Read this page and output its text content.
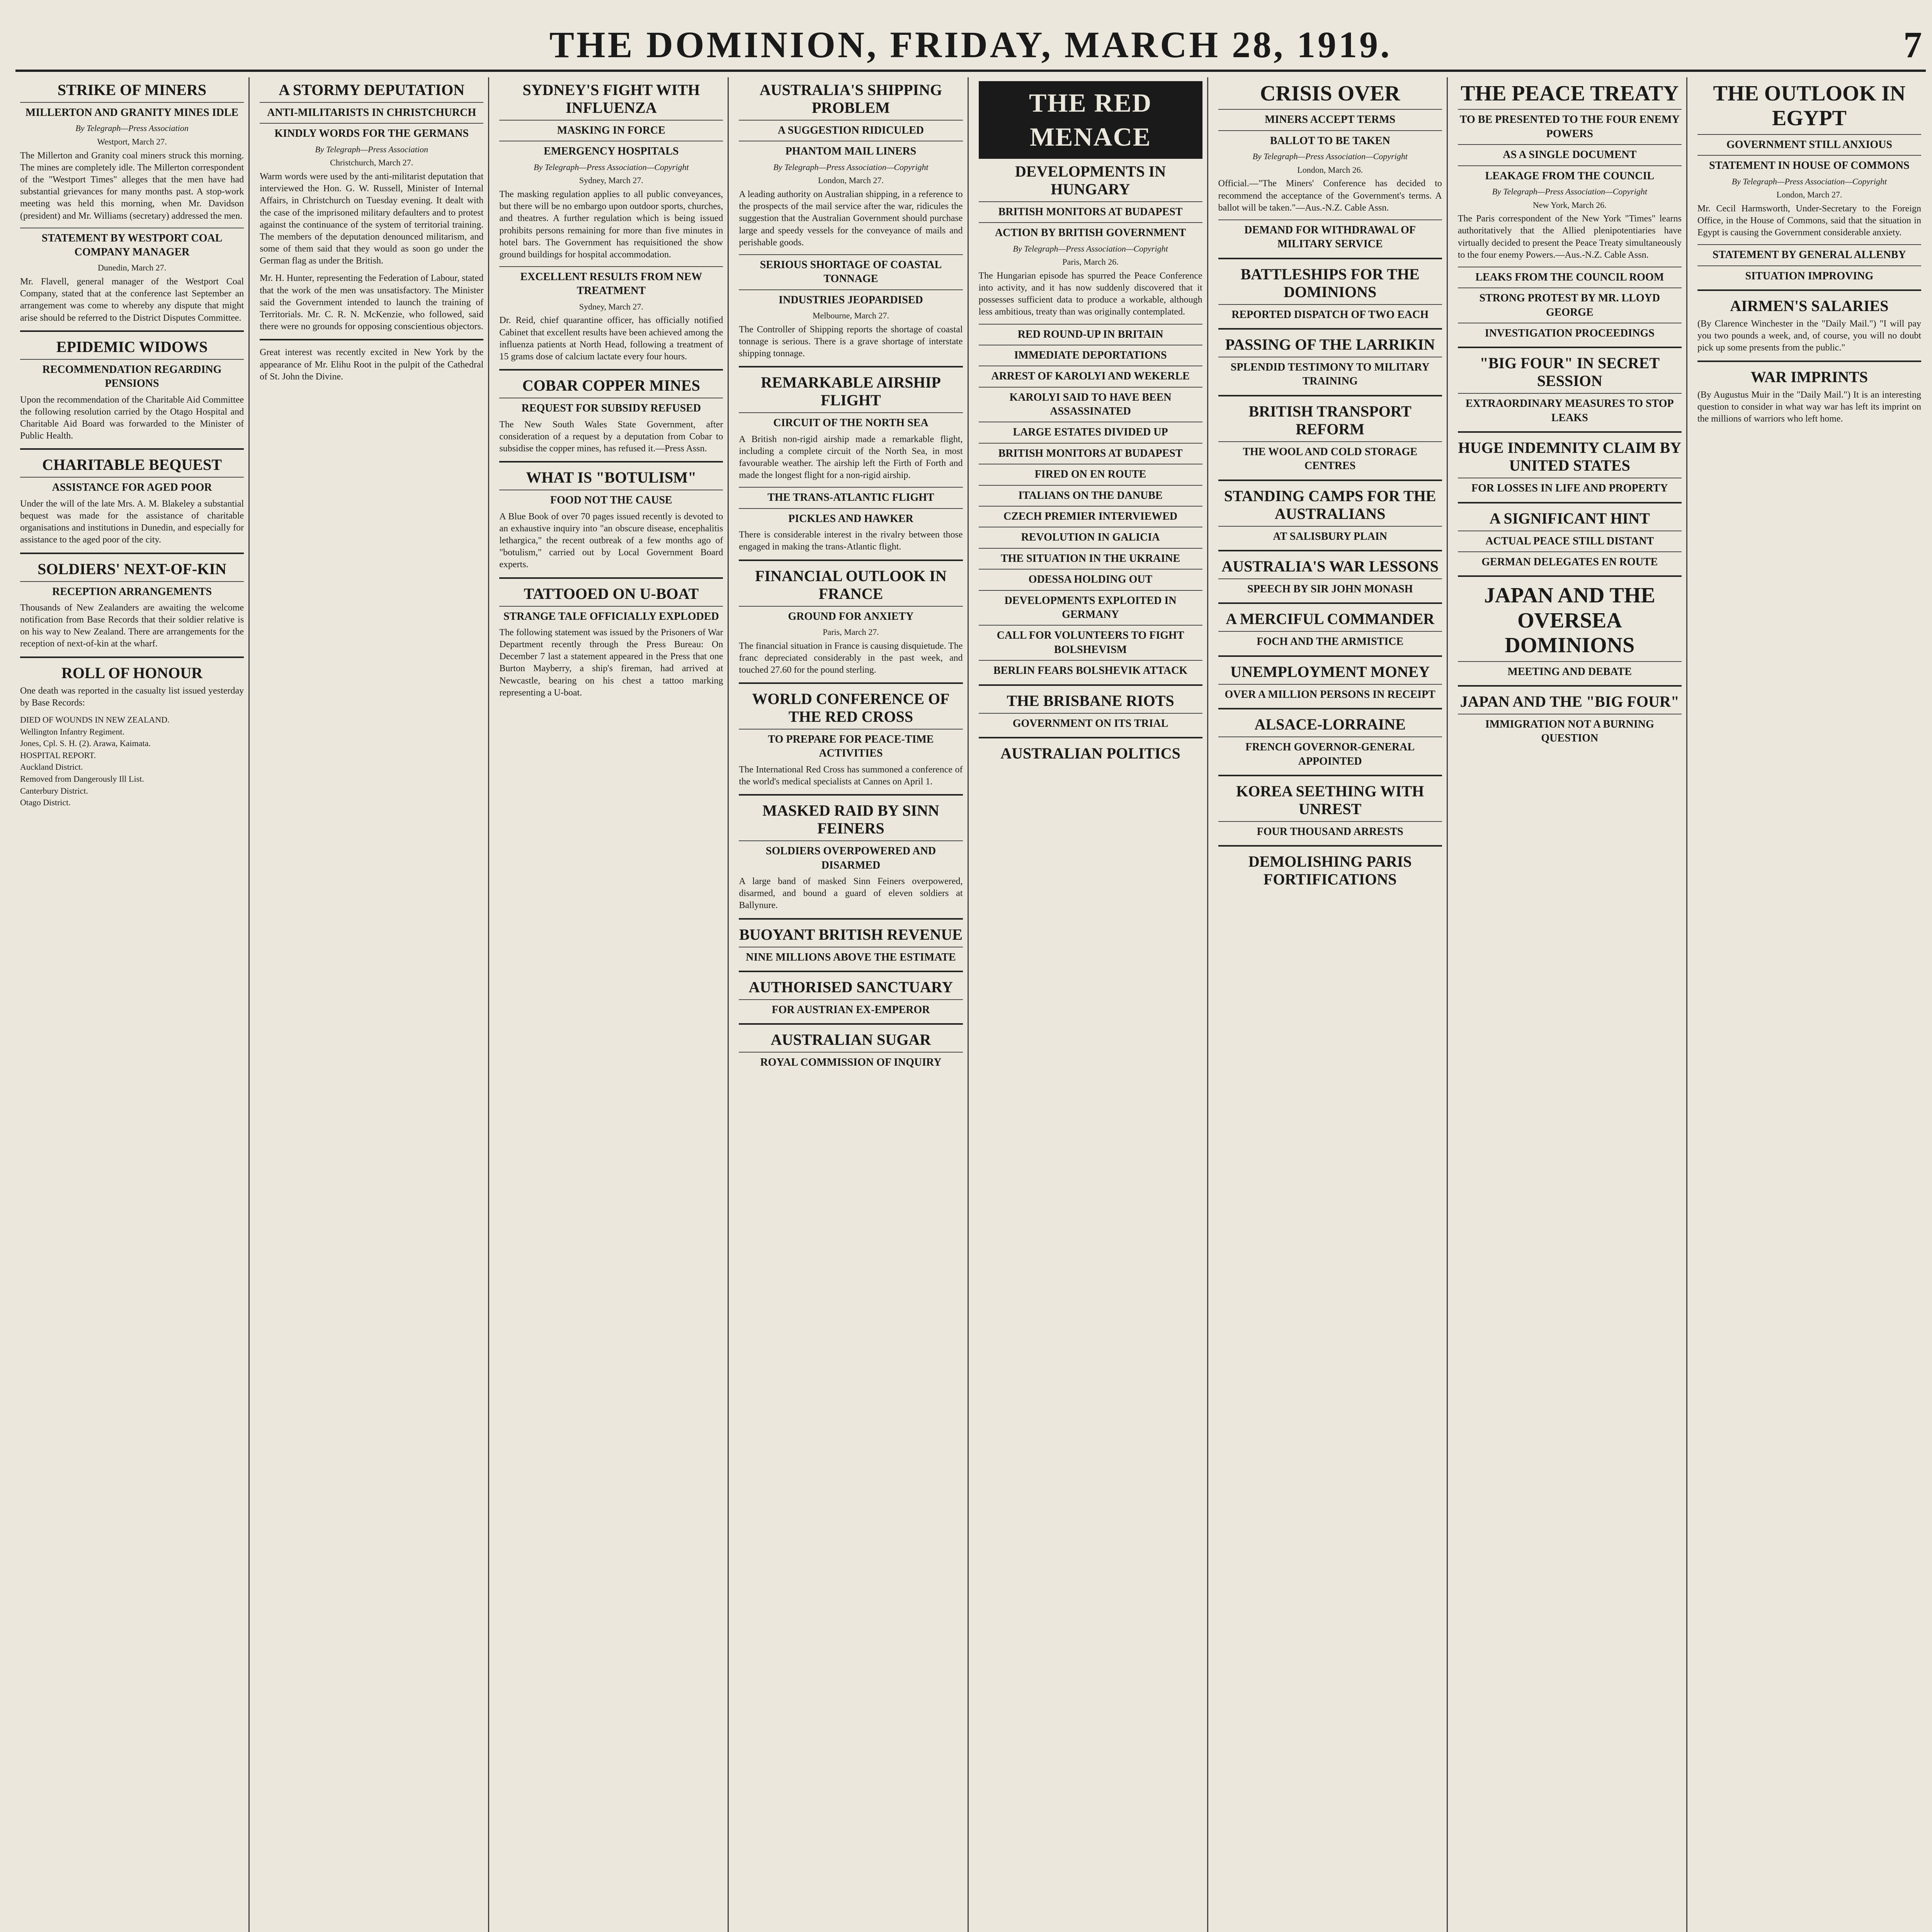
THE DOMINION, FRIDAY, MARCH 28, 1919.	7
STRIKE OF MINERS
MILLERTON AND GRANITY MINES IDLE
By Telegraph—Press Association
Westport, March 27.
The Millerton and Granity coal miners struck this morning. The mines are completely idle. The Millerton correspondent of the "Westport Times" alleges that the men have had substantial grievances for many months past. A stop-work meeting was held this morning, when Mr. Davidson (president) and Mr. Williams (secretary) addressed the men.
STATEMENT BY WESTPORT COAL COMPANY MANAGER
Dunedin, March 27.
Mr. Flavell, general manager of the Westport Coal Company, stated that at the conference last September an arrangement was come to whereby any dispute that might arise should be referred to the District Disputes Committee.
EPIDEMIC WIDOWS
RECOMMENDATION REGARDING PENSIONS
Upon the recommendation of the Charitable Aid Committee the following resolution carried by the Otago Hospital and Charitable Aid Board was forwarded to the Minister of Public Health.
CHARITABLE BEQUEST
ASSISTANCE FOR AGED POOR
Under the will of the late Mrs. A. M. Blakeley a substantial bequest was made for the assistance of charitable organisations and institutions in Dunedin, and especially for assistance to the aged poor of the city.
SOLDIERS' NEXT-OF-KIN
RECEPTION ARRANGEMENTS
Thousands of New Zealanders are awaiting the welcome notification from Base Records that their soldier relative is on his way to New Zealand. There are arrangements for the reception of next-of-kin at the wharf.
ROLL OF HONOUR
One death was reported in the casualty list issued yesterday by Base Records:
DIED OF WOUNDS IN NEW ZEALAND.
Wellington Infantry Regiment.
Jones, Cpl. S. H. (2). Arawa, Kaimata.
HOSPITAL REPORT.
Auckland District.
Removed from Dangerously Ill List.
Canterbury District.
Otago District.
A STORMY DEPUTATION
ANTI-MILITARISTS IN CHRISTCHURCH
KINDLY WORDS FOR THE GERMANS
By Telegraph—Press Association
Christchurch, March 27.
Warm words were used by the anti-militarist deputation that interviewed the Hon. G. W. Russell, Minister of Internal Affairs, in Christchurch on Tuesday evening. It dealt with the case of the imprisoned military defaulters and to protest against the continuance of the system of territorial training. The members of the deputation denounced militarism, and some of them said that they would as soon go under the German flag as under the British.
Mr. H. Hunter, representing the Federation of Labour, stated that the work of the men was unsatisfactory. The Minister said the Government intended to launch the training of Territorials. Mr. C. R. N. McKenzie, who followed, said there were no grounds for opposing conscientious objectors.
Great interest was recently excited in New York by the appearance of Mr. Elihu Root in the pulpit of the Cathedral of St. John the Divine.
SYDNEY'S FIGHT WITH INFLUENZA
MASKING IN FORCE
EMERGENCY HOSPITALS
By Telegraph—Press Association—Copyright
Sydney, March 27.
The masking regulation applies to all public conveyances, but there will be no embargo upon outdoor sports, churches, and theatres. A further regulation which is being issued prohibits persons remaining for more than five minutes in hotel bars. The Government has requisitioned the show ground buildings for hospital accommodation.
EXCELLENT RESULTS FROM NEW TREATMENT
Sydney, March 27.
Dr. Reid, chief quarantine officer, has officially notified Cabinet that excellent results have been achieved among the influenza patients at North Head, following a treatment of 15 grams dose of calcium lactate every four hours.
COBAR COPPER MINES
REQUEST FOR SUBSIDY REFUSED
The New South Wales State Government, after consideration of a request by a deputation from Cobar to subsidise the copper mines, has refused it.—Press Assn.
WHAT IS "BOTULISM"
FOOD NOT THE CAUSE
A Blue Book of over 70 pages issued recently is devoted to an exhaustive inquiry into "an obscure disease, encephalitis lethargica," the recent outbreak of a few months ago of "botulism," carried out by Local Government Board experts.
TATTOOED ON U-BOAT
STRANGE TALE OFFICIALLY EXPLODED
The following statement was issued by the Prisoners of War Department recently through the Press Bureau: On December 7 last a statement appeared in the Press that one Burton Mayberry, a ship's fireman, had arrived at Newcastle, bearing on his chest a tattoo marking representing a U-boat.
AUSTRALIA'S SHIPPING PROBLEM
A SUGGESTION RIDICULED
PHANTOM MAIL LINERS
By Telegraph—Press Association—Copyright
London, March 27.
A leading authority on Australian shipping, in a reference to the prospects of the mail service after the war, ridicules the suggestion that the Australian Government should purchase large and speedy vessels for the conveyance of mails and perishable goods.
SERIOUS SHORTAGE OF COASTAL TONNAGE
INDUSTRIES JEOPARDISED
Melbourne, March 27.
The Controller of Shipping reports the shortage of coastal tonnage is serious. There is a grave shortage of interstate shipping tonnage.
REMARKABLE AIRSHIP FLIGHT
CIRCUIT OF THE NORTH SEA
A British non-rigid airship made a remarkable flight, including a complete circuit of the North Sea, in most favourable weather. The airship left the Firth of Forth and made the longest flight for a non-rigid airship.
THE TRANS-ATLANTIC FLIGHT
PICKLES AND HAWKER
There is considerable interest in the rivalry between those engaged in making the trans-Atlantic flight.
FINANCIAL OUTLOOK IN FRANCE
GROUND FOR ANXIETY
Paris, March 27.
The financial situation in France is causing disquietude. The franc depreciated considerably in the past week, and touched 27.60 for the pound sterling.
WORLD CONFERENCE OF THE RED CROSS
TO PREPARE FOR PEACE-TIME ACTIVITIES
The International Red Cross has summoned a conference of the world's medical specialists at Cannes on April 1.
MASKED RAID BY SINN FEINERS
SOLDIERS OVERPOWERED AND DISARMED
A large band of masked Sinn Feiners overpowered, disarmed, and bound a guard of eleven soldiers at Ballynure.
BUOYANT BRITISH REVENUE
NINE MILLIONS ABOVE THE ESTIMATE
AUTHORISED SANCTUARY
FOR AUSTRIAN EX-EMPEROR
AUSTRALIAN SUGAR
ROYAL COMMISSION OF INQUIRY
THE RED MENACE
DEVELOPMENTS IN HUNGARY
BRITISH MONITORS AT BUDAPEST
ACTION BY BRITISH GOVERNMENT
By Telegraph—Press Association—Copyright
Paris, March 26.
The Hungarian episode has spurred the Peace Conference into activity, and it has now suddenly discovered that it possesses sufficient data to produce a workable, although less ambitious, treaty than was originally contemplated.
RED ROUND-UP IN BRITAIN
IMMEDIATE DEPORTATIONS
ARREST OF KAROLYI AND WEKERLE
KAROLYI SAID TO HAVE BEEN ASSASSINATED
LARGE ESTATES DIVIDED UP
BRITISH MONITORS AT BUDAPEST
FIRED ON EN ROUTE
ITALIANS ON THE DANUBE
CZECH PREMIER INTERVIEWED
REVOLUTION IN GALICIA
THE SITUATION IN THE UKRAINE
ODESSA HOLDING OUT
DEVELOPMENTS EXPLOITED IN GERMANY
CALL FOR VOLUNTEERS TO FIGHT BOLSHEVISM
BERLIN FEARS BOLSHEVIK ATTACK
THE BRISBANE RIOTS
GOVERNMENT ON ITS TRIAL
AUSTRALIAN POLITICS
CRISIS OVER
MINERS ACCEPT TERMS
BALLOT TO BE TAKEN
By Telegraph—Press Association—Copyright
London, March 26.
Official.—"The Miners' Conference has decided to recommend the acceptance of the Government's terms. A ballot will be taken."—Aus.-N.Z. Cable Assn.
DEMAND FOR WITHDRAWAL OF MILITARY SERVICE
BATTLESHIPS FOR THE DOMINIONS
REPORTED DISPATCH OF TWO EACH
PASSING OF THE LARRIKIN
SPLENDID TESTIMONY TO MILITARY TRAINING
BRITISH TRANSPORT REFORM
THE WOOL AND COLD STORAGE CENTRES
STANDING CAMPS FOR THE AUSTRALIANS
AT SALISBURY PLAIN
AUSTRALIA'S WAR LESSONS
SPEECH BY SIR JOHN MONASH
A MERCIFUL COMMANDER
FOCH AND THE ARMISTICE
UNEMPLOYMENT MONEY
OVER A MILLION PERSONS IN RECEIPT
ALSACE-LORRAINE
FRENCH GOVERNOR-GENERAL APPOINTED
KOREA SEETHING WITH UNREST
FOUR THOUSAND ARRESTS
DEMOLISHING PARIS FORTIFICATIONS
THE PEACE TREATY
TO BE PRESENTED TO THE FOUR ENEMY POWERS
AS A SINGLE DOCUMENT
LEAKAGE FROM THE COUNCIL
By Telegraph—Press Association—Copyright
New York, March 26.
The Paris correspondent of the New York "Times" learns authoritatively that the Allied plenipotentiaries have virtually decided to present the Peace Treaty simultaneously to the four enemy Powers.—Aus.-N.Z. Cable Assn.
LEAKS FROM THE COUNCIL ROOM
STRONG PROTEST BY MR. LLOYD GEORGE
INVESTIGATION PROCEEDINGS
"BIG FOUR" IN SECRET SESSION
EXTRAORDINARY MEASURES TO STOP LEAKS
HUGE INDEMNITY CLAIM BY UNITED STATES
FOR LOSSES IN LIFE AND PROPERTY
A SIGNIFICANT HINT
ACTUAL PEACE STILL DISTANT
GERMAN DELEGATES EN ROUTE
JAPAN AND THE OVERSEA DOMINIONS
MEETING AND DEBATE
JAPAN AND THE "BIG FOUR"
IMMIGRATION NOT A BURNING QUESTION
THE OUTLOOK IN EGYPT
GOVERNMENT STILL ANXIOUS
STATEMENT IN HOUSE OF COMMONS
By Telegraph—Press Association—Copyright
London, March 27.
Mr. Cecil Harmsworth, Under-Secretary to the Foreign Office, in the House of Commons, said that the situation in Egypt is causing the Government considerable anxiety.
STATEMENT BY GENERAL ALLENBY
SITUATION IMPROVING
AIRMEN'S SALARIES
(By Clarence Winchester in the "Daily Mail.") "I will pay you two pounds a week, and, of course, you will no doubt pick up some presents from the public."
WAR IMPRINTS
(By Augustus Muir in the "Daily Mail.") It is an interesting question to consider in what way war has left its imprint on the millions of warriors who left home.
